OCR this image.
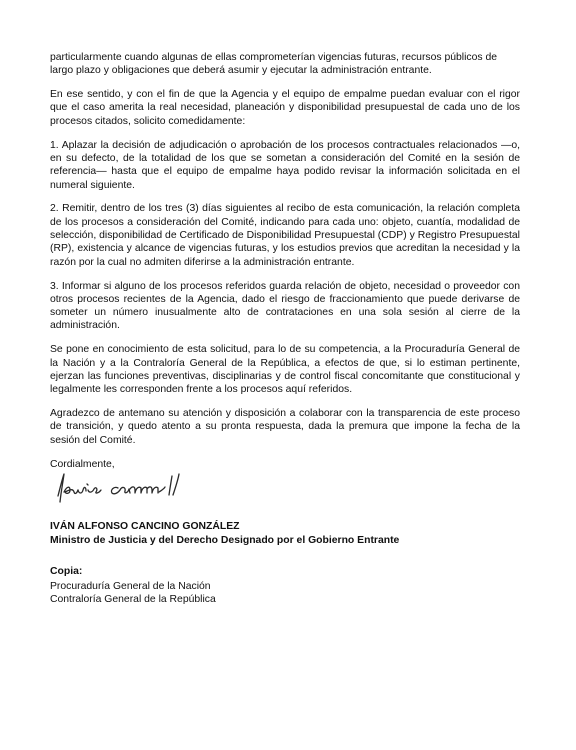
particularmente cuando algunas de ellas comprometerían vigencias futuras, recursos públicos de largo plazo y obligaciones que deberá asumir y ejecutar la administración entrante.

En ese sentido, y con el fin de que la Agencia y el equipo de empalme puedan evaluar con el rigor que el caso amerita la real necesidad, planeación y disponibilidad presupuestal de cada uno de los procesos citados, solicito comedidamente:

1. Aplazar la decisión de adjudicación o aprobación de los procesos contractuales relacionados —o, en su defecto, de la totalidad de los que se sometan a consideración del Comité en la sesión de referencia— hasta que el equipo de empalme haya podido revisar la información solicitada en el numeral siguiente.

2. Remitir, dentro de los tres (3) días siguientes al recibo de esta comunicación, la relación completa de los procesos a consideración del Comité, indicando para cada uno: objeto, cuantía, modalidad de selección, disponibilidad de Certificado de Disponibilidad Presupuestal (CDP) y Registro Presupuestal (RP), existencia y alcance de vigencias futuras, y los estudios previos que acreditan la necesidad y la razón por la cual no admiten diferirse a la administración entrante.

3. Informar si alguno de los procesos referidos guarda relación de objeto, necesidad o proveedor con otros procesos recientes de la Agencia, dado el riesgo de fraccionamiento que puede derivarse de someter un número inusualmente alto de contrataciones en una sola sesión al cierre de la administración.

Se pone en conocimiento de esta solicitud, para lo de su competencia, a la Procuraduría General de la Nación y a la Contraloría General de la República, a efectos de que, si lo estiman pertinente, ejerzan las funciones preventivas, disciplinarias y de control fiscal concomitante que constitucional y legalmente les corresponden frente a los procesos aquí referidos.

Agradezco de antemano su atención y disposición a colaborar con la transparencia de este proceso de transición, y quedo atento a su pronta respuesta, dada la premura que impone la fecha de la sesión del Comité.

Cordialmente,

IVÁN ALFONSO CANCINO GONZÁLEZ
Ministro de Justicia y del Derecho Designado por el Gobierno Entrante
Copia:
Procuraduría General de la Nación
Contraloría General de la República
